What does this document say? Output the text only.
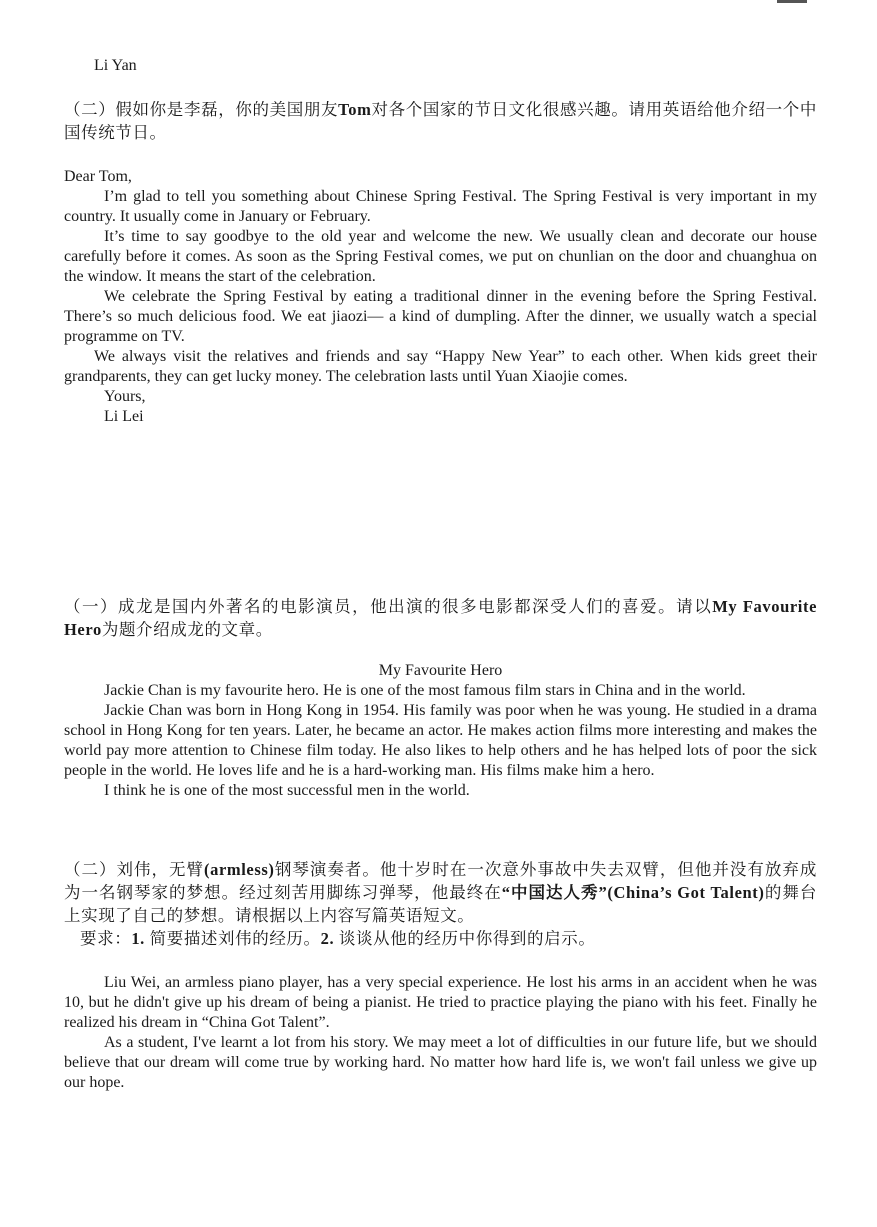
Li Yan

（二）假如你是李磊，你的美国朋友Tom对各个国家的节日文化很感兴趣。请用英语给他介绍一个中国传统节日。

Dear Tom,

I’m glad to tell you something about Chinese Spring Festival. The Spring Festival is very important in my country. It usually come in January or February.

It’s time to say goodbye to the old year and welcome the new. We usually clean and decorate our house carefully before it comes. As soon as the Spring Festival comes, we put on chunlian on the door and chuanghua on the window. It means the start of the celebration.

We celebrate the Spring Festival by eating a traditional dinner in the evening before the Spring Festival. There’s so much delicious food. We eat jiaozi— a kind of dumpling. After the dinner, we usually watch a special programme on TV.

We always visit the relatives and friends and say “Happy New Year” to each other. When kids greet their grandparents, they can get lucky money. The celebration lasts until Yuan Xiaojie comes.

Yours,

Li Lei

（一）成龙是国内外著名的电影演员，他出演的很多电影都深受人们的喜爱。请以My Favourite Hero为题介绍成龙的文章。

My Favourite Hero

Jackie Chan is my favourite hero. He is one of the most famous film stars in China and in the world.

Jackie Chan was born in Hong Kong in 1954. His family was poor when he was young. He studied in a drama school in Hong Kong for ten years. Later, he became an actor. He makes action films more interesting and makes the world pay more attention to Chinese film today. He also likes to help others and he has helped lots of poor the sick people in the world. He loves life and he is a hard-working man. His films make him a hero.

I think he is one of the most successful men in the world.

（二）刘伟，无臂(armless)钢琴演奏者。他十岁时在一次意外事故中失去双臂，但他并没有放弃成为一名钢琴家的梦想。经过刻苦用脚练习弹琴，他最终在“中国达人秀”(China’s Got Talent)的舞台上实现了自己的梦想。请根据以上内容写篇英语短文。

要求：1. 简要描述刘伟的经历。2. 谈谈从他的经历中你得到的启示。

Liu Wei, an armless piano player, has a very special experience. He lost his arms in an accident when he was 10, but he didn't give up his dream of being a pianist. He tried to practice playing the piano with his feet. Finally he realized his dream in “China Got Talent”.

As a student, I've learnt a lot from his story. We may meet a lot of difficulties in our future life, but we should believe that our dream will come true by working hard. No matter how hard life is, we won't fail unless we give up our hope.
